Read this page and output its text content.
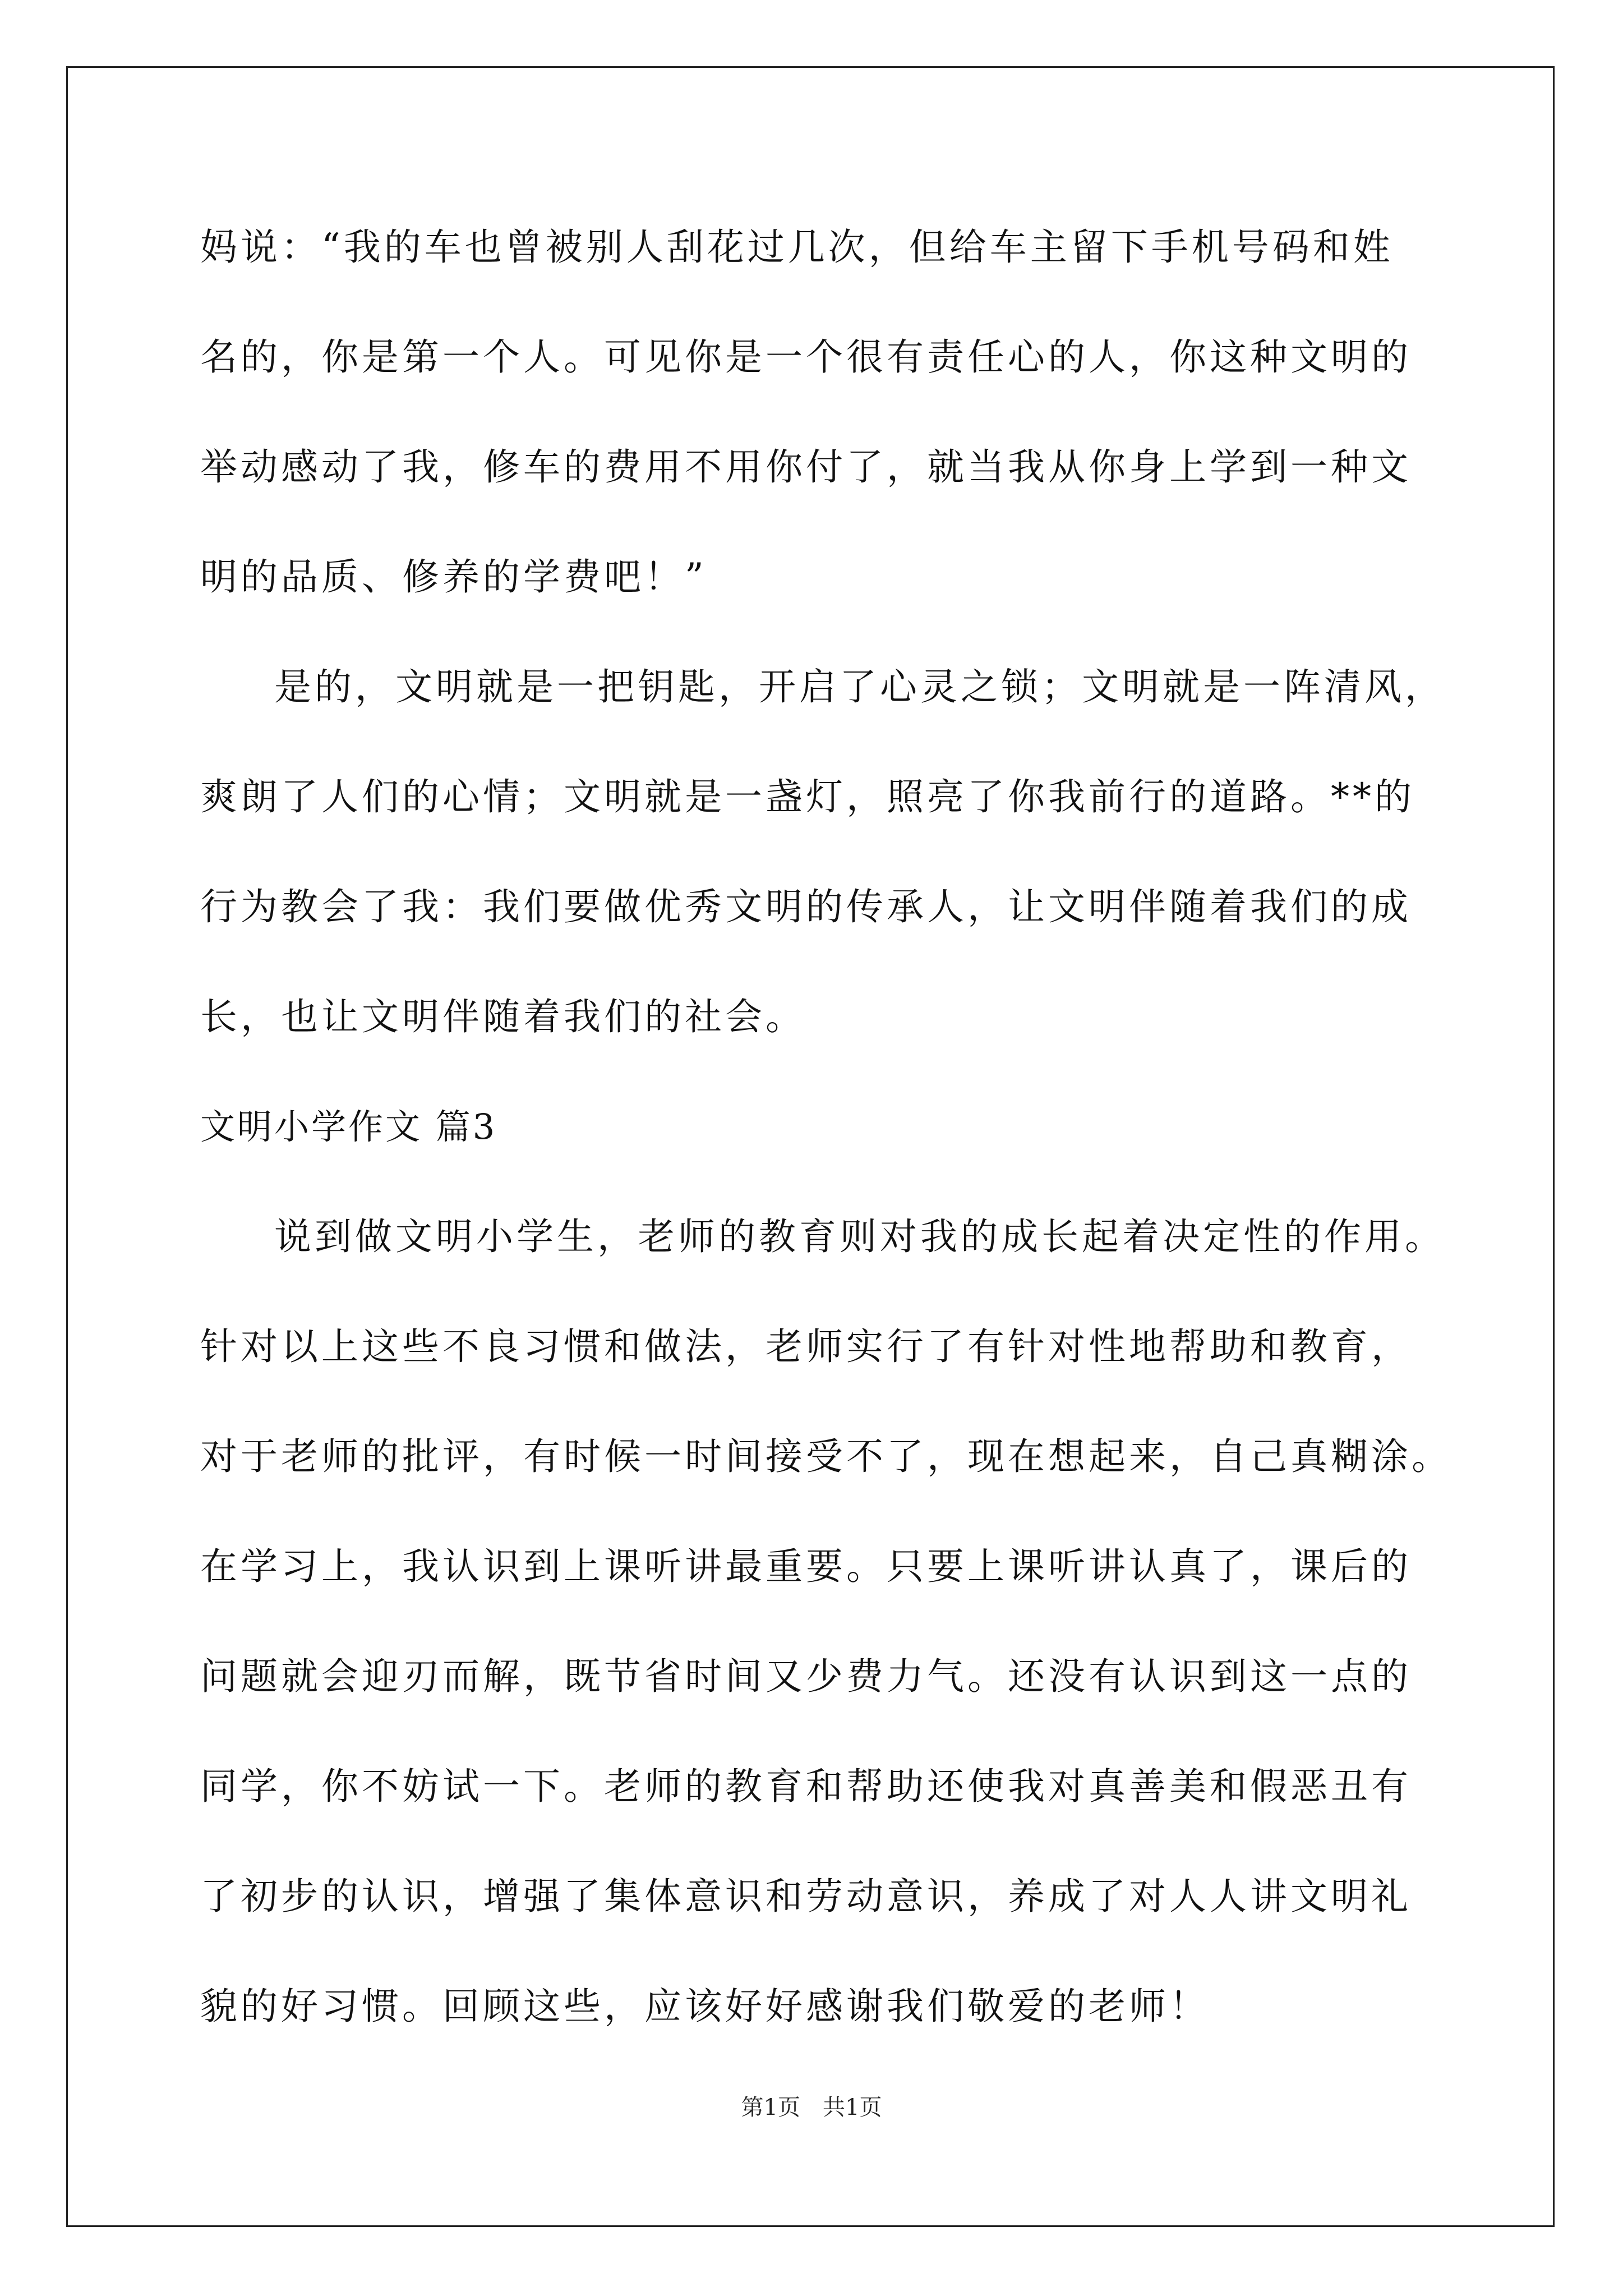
妈说：“我的车也曾被别人刮花过几次，但给车主留下手机号码和姓
名的，你是第一个人。可见你是一个很有责任心的人，你这种文明的
举动感动了我，修车的费用不用你付了，就当我从你身上学到一种文
明的品质、修养的学费吧！”
是的，文明就是一把钥匙，开启了心灵之锁；文明就是一阵清风，
爽朗了人们的心情；文明就是一盏灯，照亮了你我前行的道路。**的
行为教会了我：我们要做优秀文明的传承人，让文明伴随着我们的成
长，也让文明伴随着我们的社会。
文明小学作文 篇3
说到做文明小学生，老师的教育则对我的成长起着决定性的作用。
针对以上这些不良习惯和做法，老师实行了有针对性地帮助和教育，
对于老师的批评，有时候一时间接受不了，现在想起来，自己真糊涂。
在学习上，我认识到上课听讲最重要。只要上课听讲认真了，课后的
问题就会迎刃而解，既节省时间又少费力气。还没有认识到这一点的
同学，你不妨试一下。老师的教育和帮助还使我对真善美和假恶丑有
了初步的认识，增强了集体意识和劳动意识，养成了对人人讲文明礼
貌的好习惯。回顾这些，应该好好感谢我们敬爱的老师！
第1页 共1页
